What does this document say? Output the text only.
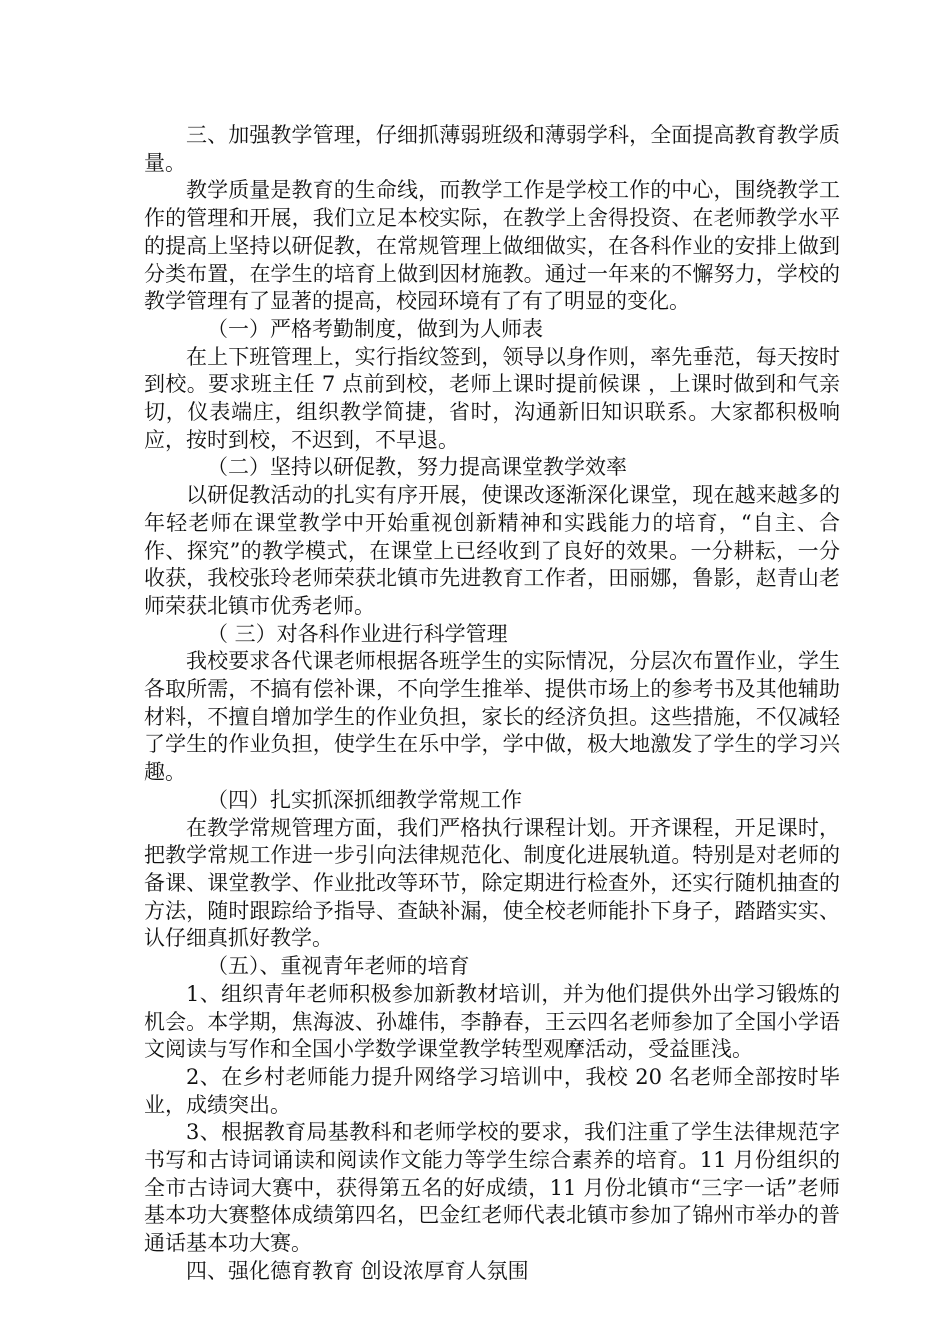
三、加强教学管理，仔细抓薄弱班级和薄弱学科，全面提高教育教学质量。

教学质量是教育的生命线，而教学工作是学校工作的中心，围绕教学工作的管理和开展，我们立足本校实际，在教学上舍得投资、在老师教学水平的提高上坚持以研促教，在常规管理上做细做实，在各科作业的安排上做到分类布置，在学生的培育上做到因材施教。通过一年来的不懈努力，学校的教学管理有了显著的提高，校园环境有了有了明显的变化。

（一）严格考勤制度，做到为人师表

在上下班管理上，实行指纹签到，领导以身作则，率先垂范，每天按时到校。要求班主任 7 点前到校，老师上课时提前候课 ，上课时做到和气亲切，仪表端庄，组织教学简捷，省时，沟通新旧知识联系。大家都积极响应，按时到校，不迟到，不早退。

（二）坚持以研促教，努力提高课堂教学效率

以研促教活动的扎实有序开展，使课改逐渐深化课堂，现在越来越多的年轻老师在课堂教学中开始重视创新精神和实践能力的培育，“自主、合作、探究”的教学模式，在课堂上已经收到了良好的效果。一分耕耘，一分收获，我校张玲老师荣获北镇市先进教育工作者，田丽娜，鲁影，赵青山老师荣获北镇市优秀老师。

（ 三）对各科作业进行科学管理

我校要求各代课老师根据各班学生的实际情况，分层次布置作业，学生各取所需，不搞有偿补课，不向学生推举、提供市场上的参考书及其他辅助材料，不擅自增加学生的作业负担，家长的经济负担。这些措施，不仅减轻了学生的作业负担，使学生在乐中学，学中做，极大地激发了学生的学习兴趣。

（四）扎实抓深抓细教学常规工作

在教学常规管理方面，我们严格执行课程计划。开齐课程，开足课时，把教学常规工作进一步引向法律规范化、制度化进展轨道。特别是对老师的备课、课堂教学、作业批改等环节，除定期进行检查外，还实行随机抽查的方法，随时跟踪给予指导、查缺补漏，使全校老师能扑下身子，踏踏实实、认仔细真抓好教学。

（五）、重视青年老师的培育

1、组织青年老师积极参加新教材培训，并为他们提供外出学习锻炼的机会。本学期，焦海波、孙雄伟，李静春，王云四名老师参加了全国小学语文阅读与写作和全国小学数学课堂教学转型观摩活动，受益匪浅。

2、在乡村老师能力提升网络学习培训中，我校 20 名老师全部按时毕业，成绩突出。

3、根据教育局基教科和老师学校的要求，我们注重了学生法律规范字书写和古诗词诵读和阅读作文能力等学生综合素养的培育。11 月份组织的全市古诗词大赛中，获得第五名的好成绩，11 月份北镇市“三字一话”老师基本功大赛整体成绩第四名，巴金红老师代表北镇市参加了锦州市举办的普通话基本功大赛。

四、强化德育教育 创设浓厚育人氛围
